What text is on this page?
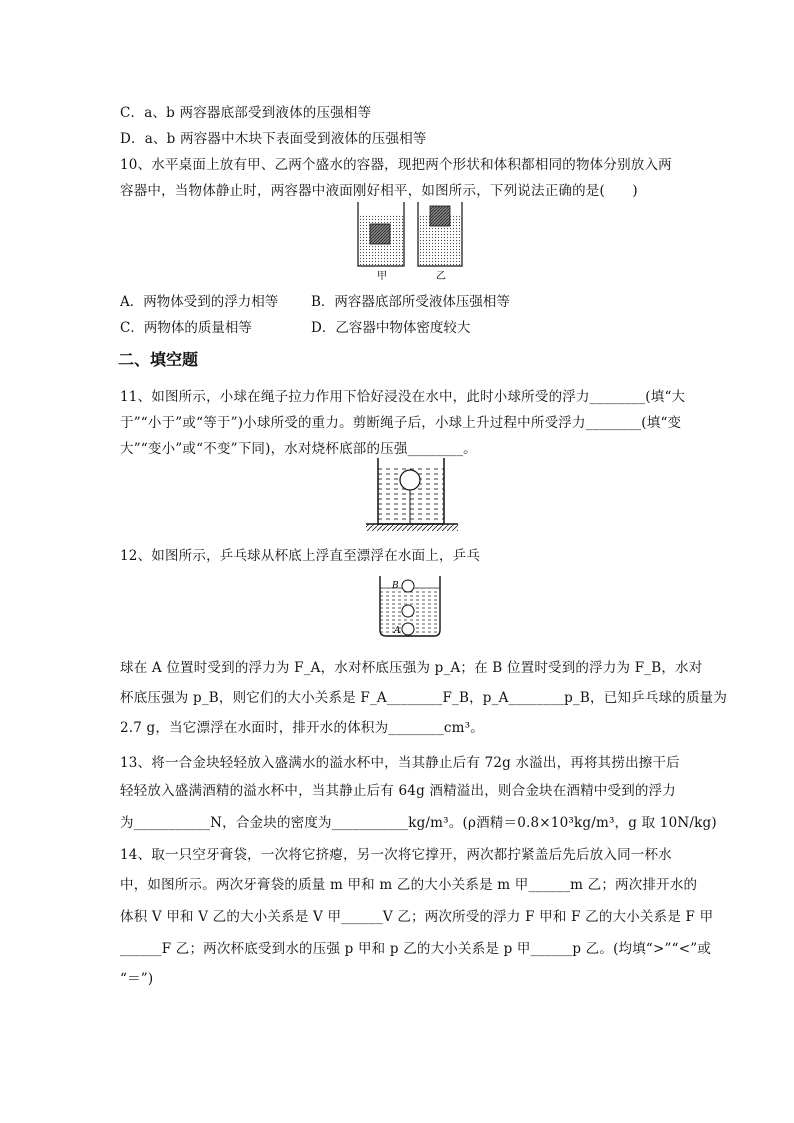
C．a、b 两容器底部受到液体的压强相等
D．a、b 两容器中木块下表面受到液体的压强相等
10、水平桌面上放有甲、乙两个盛水的容器，现把两个形状和体积都相同的物体分别放入两
容器中，当物体静止时，两容器中液面刚好相平，如图所示，下列说法正确的是(　　)
甲	乙
A．两物体受到的浮力相等 B．两容器底部所受液体压强相等
C．两物体的质量相等	D．乙容器中物体密度较大
二、填空题
11、如图所示，小球在绳子拉力作用下恰好浸没在水中，此时小球所受的浮力________(填“大
于”“小于”或“等于”)小球所受的重力。剪断绳子后，小球上升过程中所受浮力________(填“变
大”“变小”或“不变”下同)，水对烧杯底部的压强________。
12、如图所示，乒乓球从杯底上浮直至漂浮在水面上，乒乓
B
A
球在 A 位置时受到的浮力为 F_A，水对杯底压强为 p_A；在 B 位置时受到的浮力为 F_B，水对
杯底压强为 p_B，则它们的大小关系是 F_A________F_B，p_A________p_B，已知乒乓球的质量为
2.7 g，当它漂浮在水面时，排开水的体积为________cm³。
13、将一合金块轻轻放入盛满水的溢水杯中，当其静止后有 72g 水溢出，再将其捞出擦干后
轻轻放入盛满酒精的溢水杯中，当其静止后有 64g 酒精溢出，则合金块在酒精中受到的浮力
为___________N，合金块的密度为___________kg/m³。(ρ酒精＝0.8×10³kg/m³，g 取 10N/kg)
14、取一只空牙膏袋，一次将它挤瘪，另一次将它撑开，两次都拧紧盖后先后放入同一杯水
中，如图所示。两次牙膏袋的质量 m 甲和 m 乙的大小关系是 m 甲______m 乙；两次排开水的
体积 V 甲和 V 乙的大小关系是 V 甲______V 乙；两次所受的浮力 F 甲和 F 乙的大小关系是 F 甲
______F 乙；两次杯底受到水的压强 p 甲和 p 乙的大小关系是 p 甲______p 乙。(均填“>”“<”或
“＝”)
